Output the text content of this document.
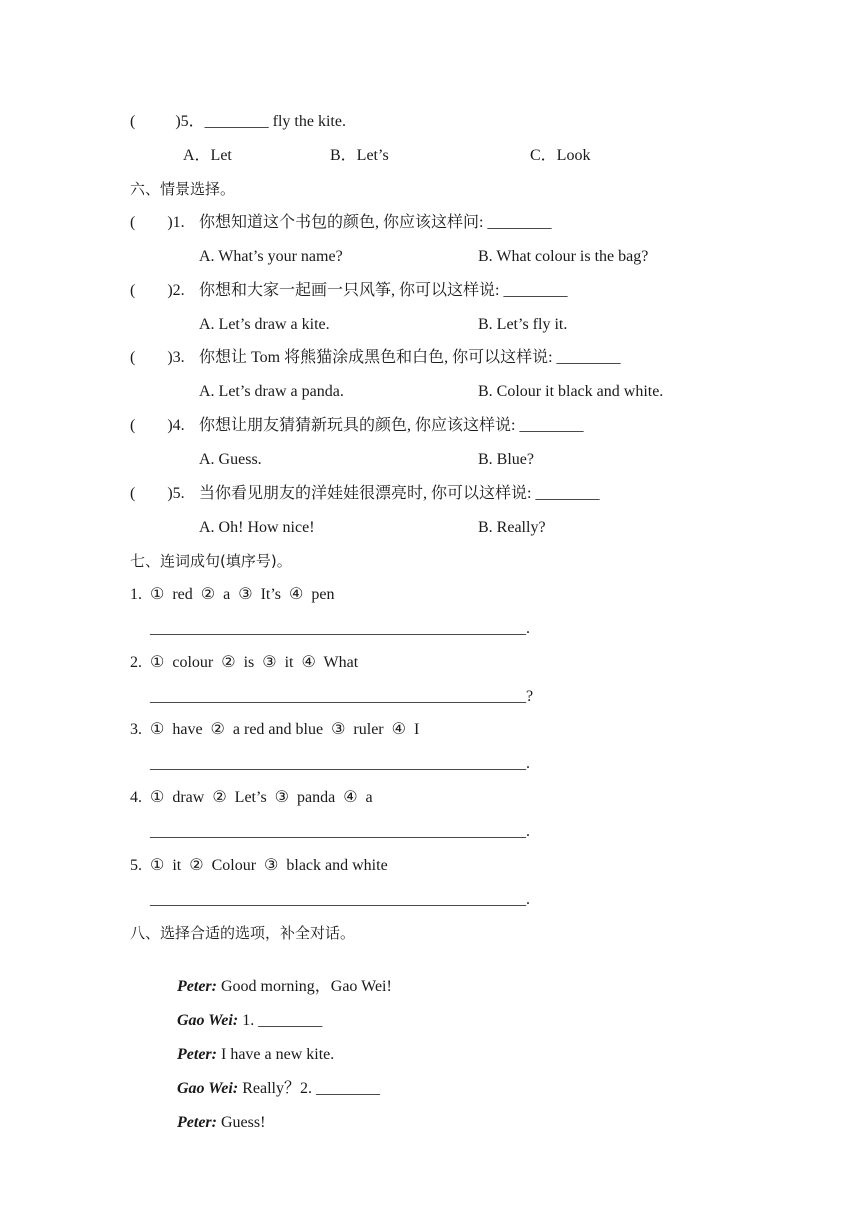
(          )5．________ fly the kite.
A．Let	B．Let’s	C．Look
六、情景选择。
(        )1. 你想知道这个书包的颜色, 你应该这样问: ________
A. What’s your name?	B. What colour is the bag?
(        )2. 你想和大家一起画一只风筝, 你可以这样说: ________
A. Let’s draw a kite.	B. Let’s fly it.
(        )3. 你想让 Tom 将熊猫涂成黑色和白色, 你可以这样说: ________
A. Let’s draw a panda.	B. Colour it black and white.
(        )4. 你想让朋友猜猜新玩具的颜色, 你应该这样说: ________
A. Guess.	B. Blue?
(        )5. 当你看见朋友的洋娃娃很漂亮时, 你可以这样说: ________
A. Oh! How nice!	B. Really?
七、连词成句(填序号)。
1.  ①  red  ②  a  ③  It’s  ④  pen
_______________________________________________.
2.  ①  colour  ②  is  ③  it  ④  What
_______________________________________________?
3.  ①  have  ②  a red and blue  ③  ruler  ④  I
_______________________________________________.
4.  ①  draw  ②  Let’s  ③  panda  ④  a
_______________________________________________.
5.  ①  it  ②  Colour  ③  black and white
_______________________________________________.
八、选择合适的选项，补全对话。

Peter: Good morning，Gao Wei!

Gao Wei: 1. ________

Peter: I have a new kite.

Gao Wei: Really？2. ________

Peter: Guess!
